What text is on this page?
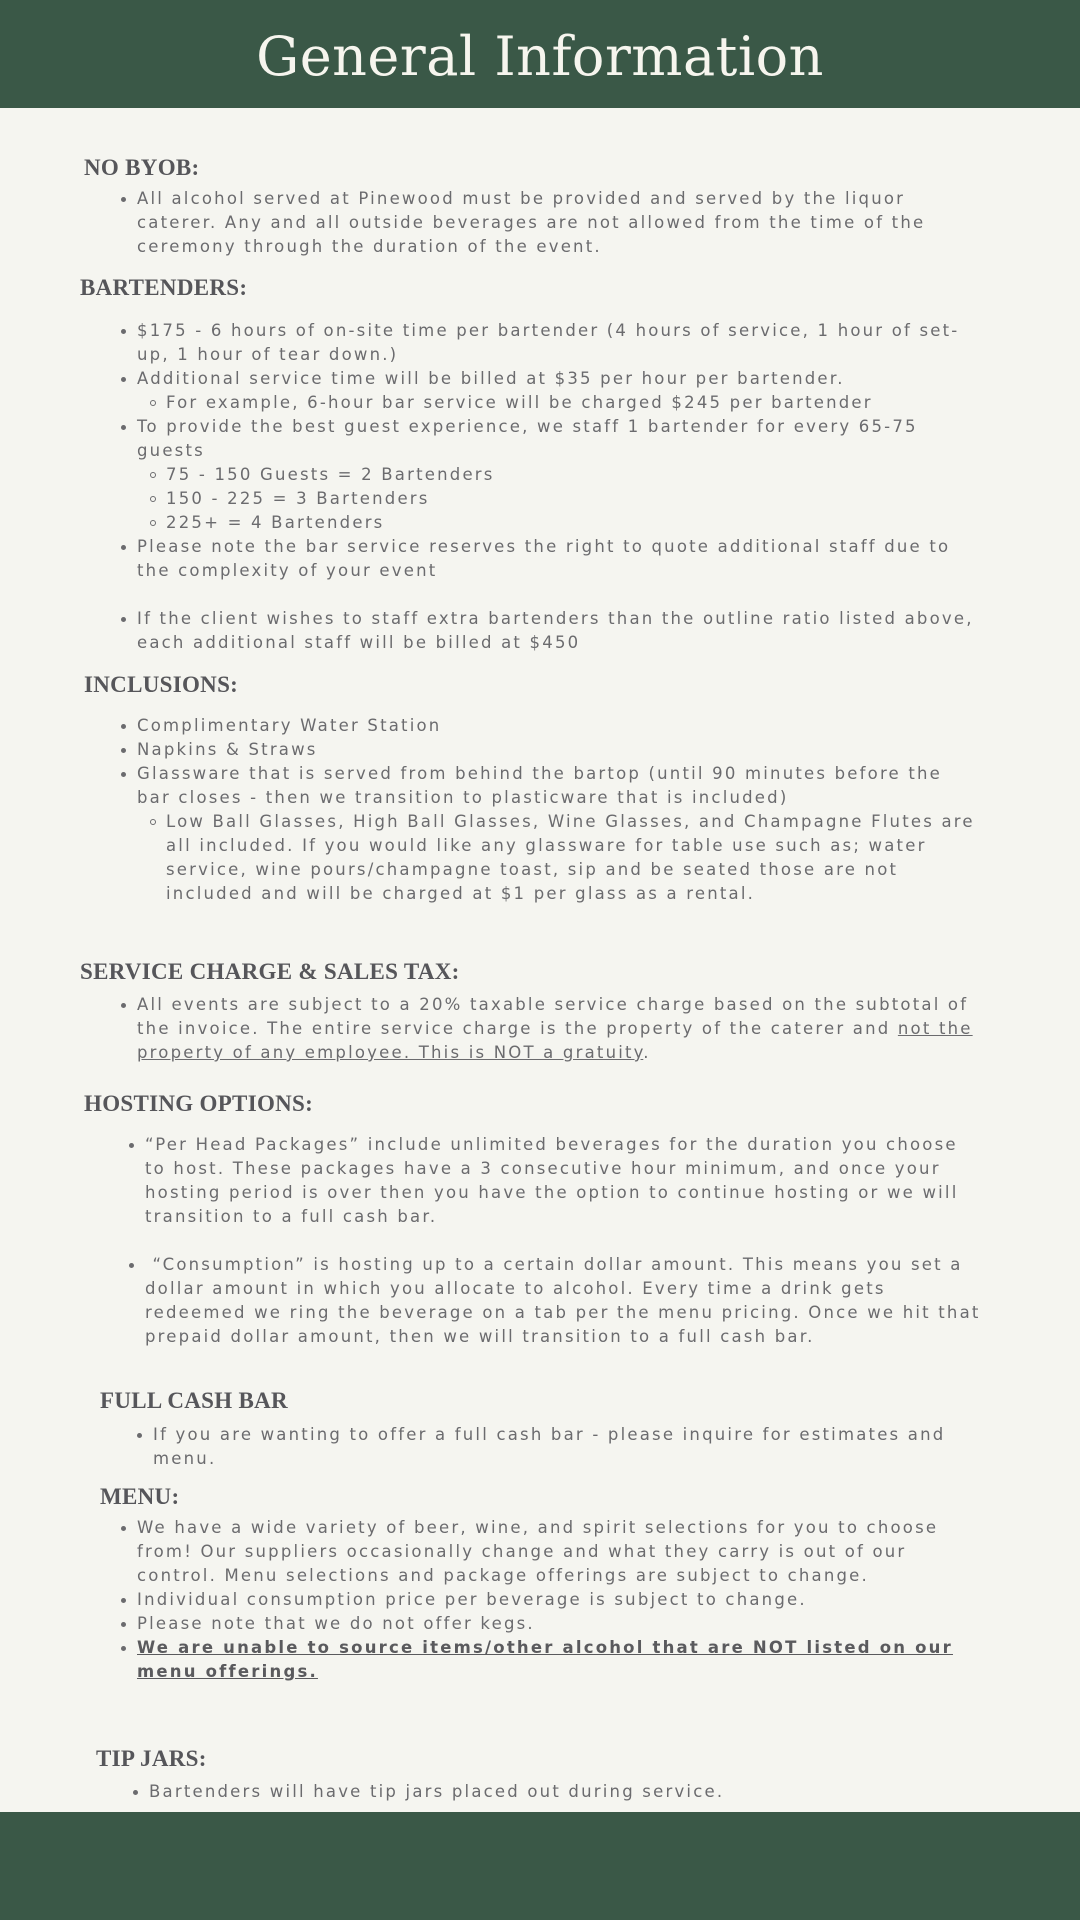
General Information
NO BYOB:
All alcohol served at Pinewood must be provided and served by the liquor caterer. Any and all outside beverages are not allowed from the time of the ceremony through the duration of the event.
BARTENDERS:
$175 - 6 hours of on-site time per bartender (4 hours of service, 1 hour of set-up, 1 hour of tear down.)
Additional service time will be billed at $35 per hour per bartender.
For example, 6-hour bar service will be charged $245 per bartender
To provide the best guest experience, we staff 1 bartender for every 65-75 guests
75 - 150 Guests = 2 Bartenders
150 - 225 = 3 Bartenders
225+ = 4 Bartenders
Please note the bar service reserves the right to quote additional staff due to the complexity of your event
If the client wishes to staff extra bartenders than the outline ratio listed above, each additional staff will be billed at $450
INCLUSIONS:
Complimentary Water Station
Napkins & Straws
Glassware that is served from behind the bartop (until 90 minutes before the bar closes - then we transition to plasticware that is included)
Low Ball Glasses, High Ball Glasses, Wine Glasses, and Champagne Flutes are all included. If you would like any glassware for table use such as; water service, wine pours/champagne toast, sip and be seated those are not included and will be charged at $1 per glass as a rental.
SERVICE CHARGE & SALES TAX:
All events are subject to a 20% taxable service charge based on the subtotal of the invoice. The entire service charge is the property of the caterer and not the property of any employee. This is NOT a gratuity.
HOSTING OPTIONS:
“Per Head Packages” include unlimited beverages for the duration you choose to host. These packages have a 3 consecutive hour minimum, and once your hosting period is over then you have the option to continue hosting or we will transition to a full cash bar.
“Consumption” is hosting up to a certain dollar amount. This means you set a dollar amount in which you allocate to alcohol. Every time a drink gets redeemed we ring the beverage on a tab per the menu pricing. Once we hit that prepaid dollar amount, then we will transition to a full cash bar.
FULL CASH BAR
If you are wanting to offer a full cash bar - please inquire for estimates and menu.
MENU:
We have a wide variety of beer, wine, and spirit selections for you to choose from! Our suppliers occasionally change and what they carry is out of our control. Menu selections and package offerings are subject to change.
Individual consumption price per beverage is subject to change.
Please note that we do not offer kegs.
We are unable to source items/other alcohol that are NOT listed on our menu offerings.
TIP JARS:
Bartenders will have tip jars placed out during service.
